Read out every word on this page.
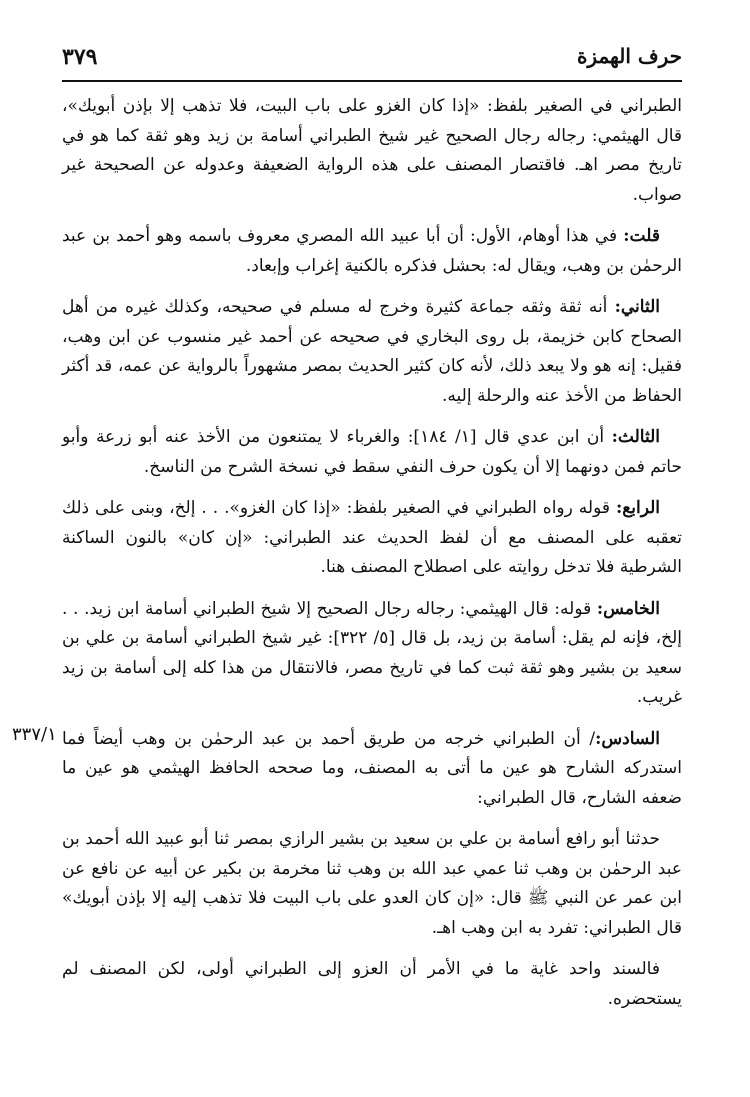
٣٧٩	حرف الهمزة
٣٣٧/١

الطبراني في الصغير بلفظ: «إذا كان الغزو على باب البيت، فلا تذهب إلا بإذن أبويك»، قال الهيثمي: رجاله رجال الصحيح غير شيخ الطبراني أسامة بن زيد وهو ثقة كما هو في تاريخ مصر اهـ. فاقتصار المصنف على هذه الرواية الضعيفة وعدوله عن الصحيحة غير صواب.

قلت: في هذا أوهام، الأول: أن أبا عبيد الله المصري معروف باسمه وهو أحمد بن عبد الرحمٰن بن وهب، ويقال له: بحشل فذكره بالكنية إغراب وإبعاد.

الثاني: أنه ثقة وثقه جماعة كثيرة وخرج له مسلم في صحيحه، وكذلك غيره من أهل الصحاح كابن خزيمة، بل روى البخاري في صحيحه عن أحمد غير منسوب عن ابن وهب، فقيل: إنه هو ولا يبعد ذلك، لأنه كان كثير الحديث بمصر مشهوراً بالرواية عن عمه، قد أكثر الحفاظ من الأخذ عنه والرحلة إليه.

الثالث: أن ابن عدي قال [١/ ١٨٤]: والغرباء لا يمتنعون من الأخذ عنه أبو زرعة وأبو حاتم فمن دونهما إلا أن يكون حرف النفي سقط في نسخة الشرح من الناسخ.

الرابع: قوله رواه الطبراني في الصغير بلفظ: «إذا كان الغزو». . . إلخ، وبنى على ذلك تعقبه على المصنف مع أن لفظ الحديث عند الطبراني: «إن كان» بالنون الساكنة الشرطية فلا تدخل روايته على اصطلاح المصنف هنا.

الخامس: قوله: قال الهيثمي: رجاله رجال الصحيح إلا شيخ الطبراني أسامة ابن زيد. . . إلخ، فإنه لم يقل: أسامة بن زيد، بل قال [٥/ ٣٢٢]: غير شيخ الطبراني أسامة بن علي بن سعيد بن بشير وهو ثقة ثبت كما في تاريخ مصر، فالانتقال من هذا كله إلى أسامة بن زيد غريب.

السادس:/ أن الطبراني خرجه من طريق أحمد بن عبد الرحمٰن بن وهب أيضاً فما استدركه الشارح هو عين ما أتى به المصنف، وما صححه الحافظ الهيثمي هو عين ما ضعفه الشارح، قال الطبراني:

حدثنا أبو رافع أسامة بن علي بن سعيد بن بشير الرازي بمصر ثنا أبو عبيد الله أحمد بن عبد الرحمٰن بن وهب ثنا عمي عبد الله بن وهب ثنا مخرمة بن بكير عن أبيه عن نافع عن ابن عمر عن النبي ﷺ قال: «إن كان العدو على باب البيت فلا تذهب إليه إلا بإذن أبويك» قال الطبراني: تفرد به ابن وهب اهـ.

فالسند واحد غاية ما في الأمر أن العزو إلى الطبراني أولى، لكن المصنف لم يستحضره.
